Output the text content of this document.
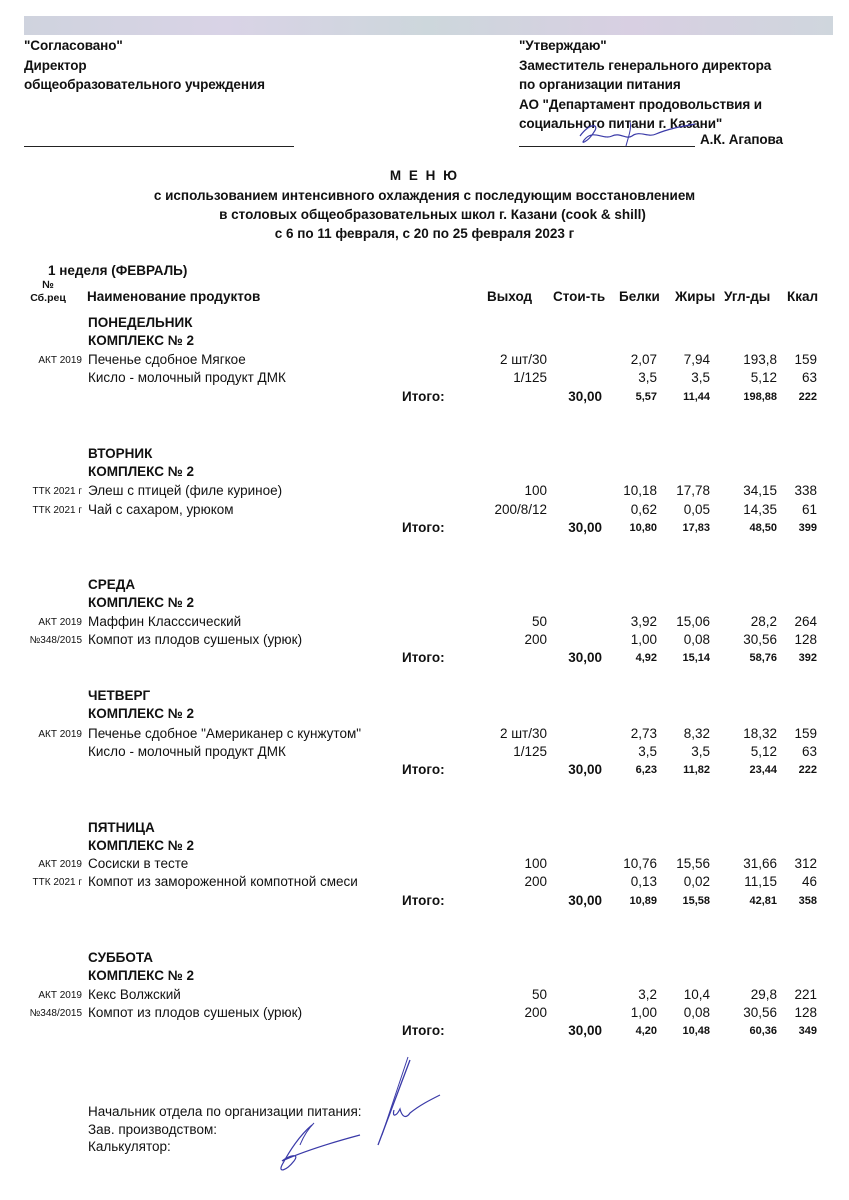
"Согласовано"
Директор
общеобразовательного учреждения
"Утверждаю"
Заместитель генерального директора
по организации питания
АО "Департамент продовольствия и
социального питани г. Казани"
А.К. Агапова
М Е Н Ю
с использованием интенсивного охлаждения с последующим восстановлением
в столовых общеобразовательных школ г. Казани (cook & shill)
с 6 по 11 февраля, с 20 по 25 февраля 2023 г
1 неделя (ФЕВРАЛЬ)
№
Сб.рец	Наименование продуктов	Выход Стои-ть Белки Жиры Угл-ды Ккал
ПОНЕДЕЛЬНИК
КОМПЛЕКС № 2
АКТ 2019 Печенье сдобное Мягкое	2 шт/30	2,07	7,94	193,8	159
Кисло - молочный продукт ДМК	1/125	3,5	3,5	5,12	63
Итого:	30,00	5,57	11,44	198,88	222
ВТОРНИК
КОМПЛЕКС № 2
ТТК 2021 г Элеш с птицей (филе куриное)	100	10,18	17,78	34,15	338
ТТК 2021 г Чай с сахаром, урюком	200/8/12	0,62	0,05	14,35	61
Итого:	30,00	10,80	17,83	48,50	399
СРЕДА
КОМПЛЕКС № 2
АКТ 2019 Маффин Класссический	50	3,92	15,06	28,2	264
№348/2015 Компот из плодов сушеных (урюк)	200	1,00	0,08	30,56	128
Итого:	30,00	4,92	15,14	58,76	392
ЧЕТВЕРГ
КОМПЛЕКС № 2
АКТ 2019 Печенье сдобное "Американер с кунжутом"	2 шт/30	2,73	8,32	18,32	159
Кисло - молочный продукт ДМК	1/125	3,5	3,5	5,12	63
Итого:	30,00	6,23	11,82	23,44	222
ПЯТНИЦА
КОМПЛЕКС № 2
АКТ 2019 Сосиски в тесте	100	10,76	15,56	31,66	312
ТТК 2021 г Компот из замороженной компотной смеси	200	0,13	0,02	11,15	46
Итого:	30,00	10,89	15,58	42,81	358
СУББОТА
КОМПЛЕКС № 2
АКТ 2019 Кекс Волжский	50	3,2	10,4	29,8	221
№348/2015 Компот из плодов сушеных (урюк)	200	1,00	0,08	30,56	128
Итого:	30,00	4,20	10,48	60,36	349
Начальник отдела по организации питания:
Зав. производством:
Калькулятор:
